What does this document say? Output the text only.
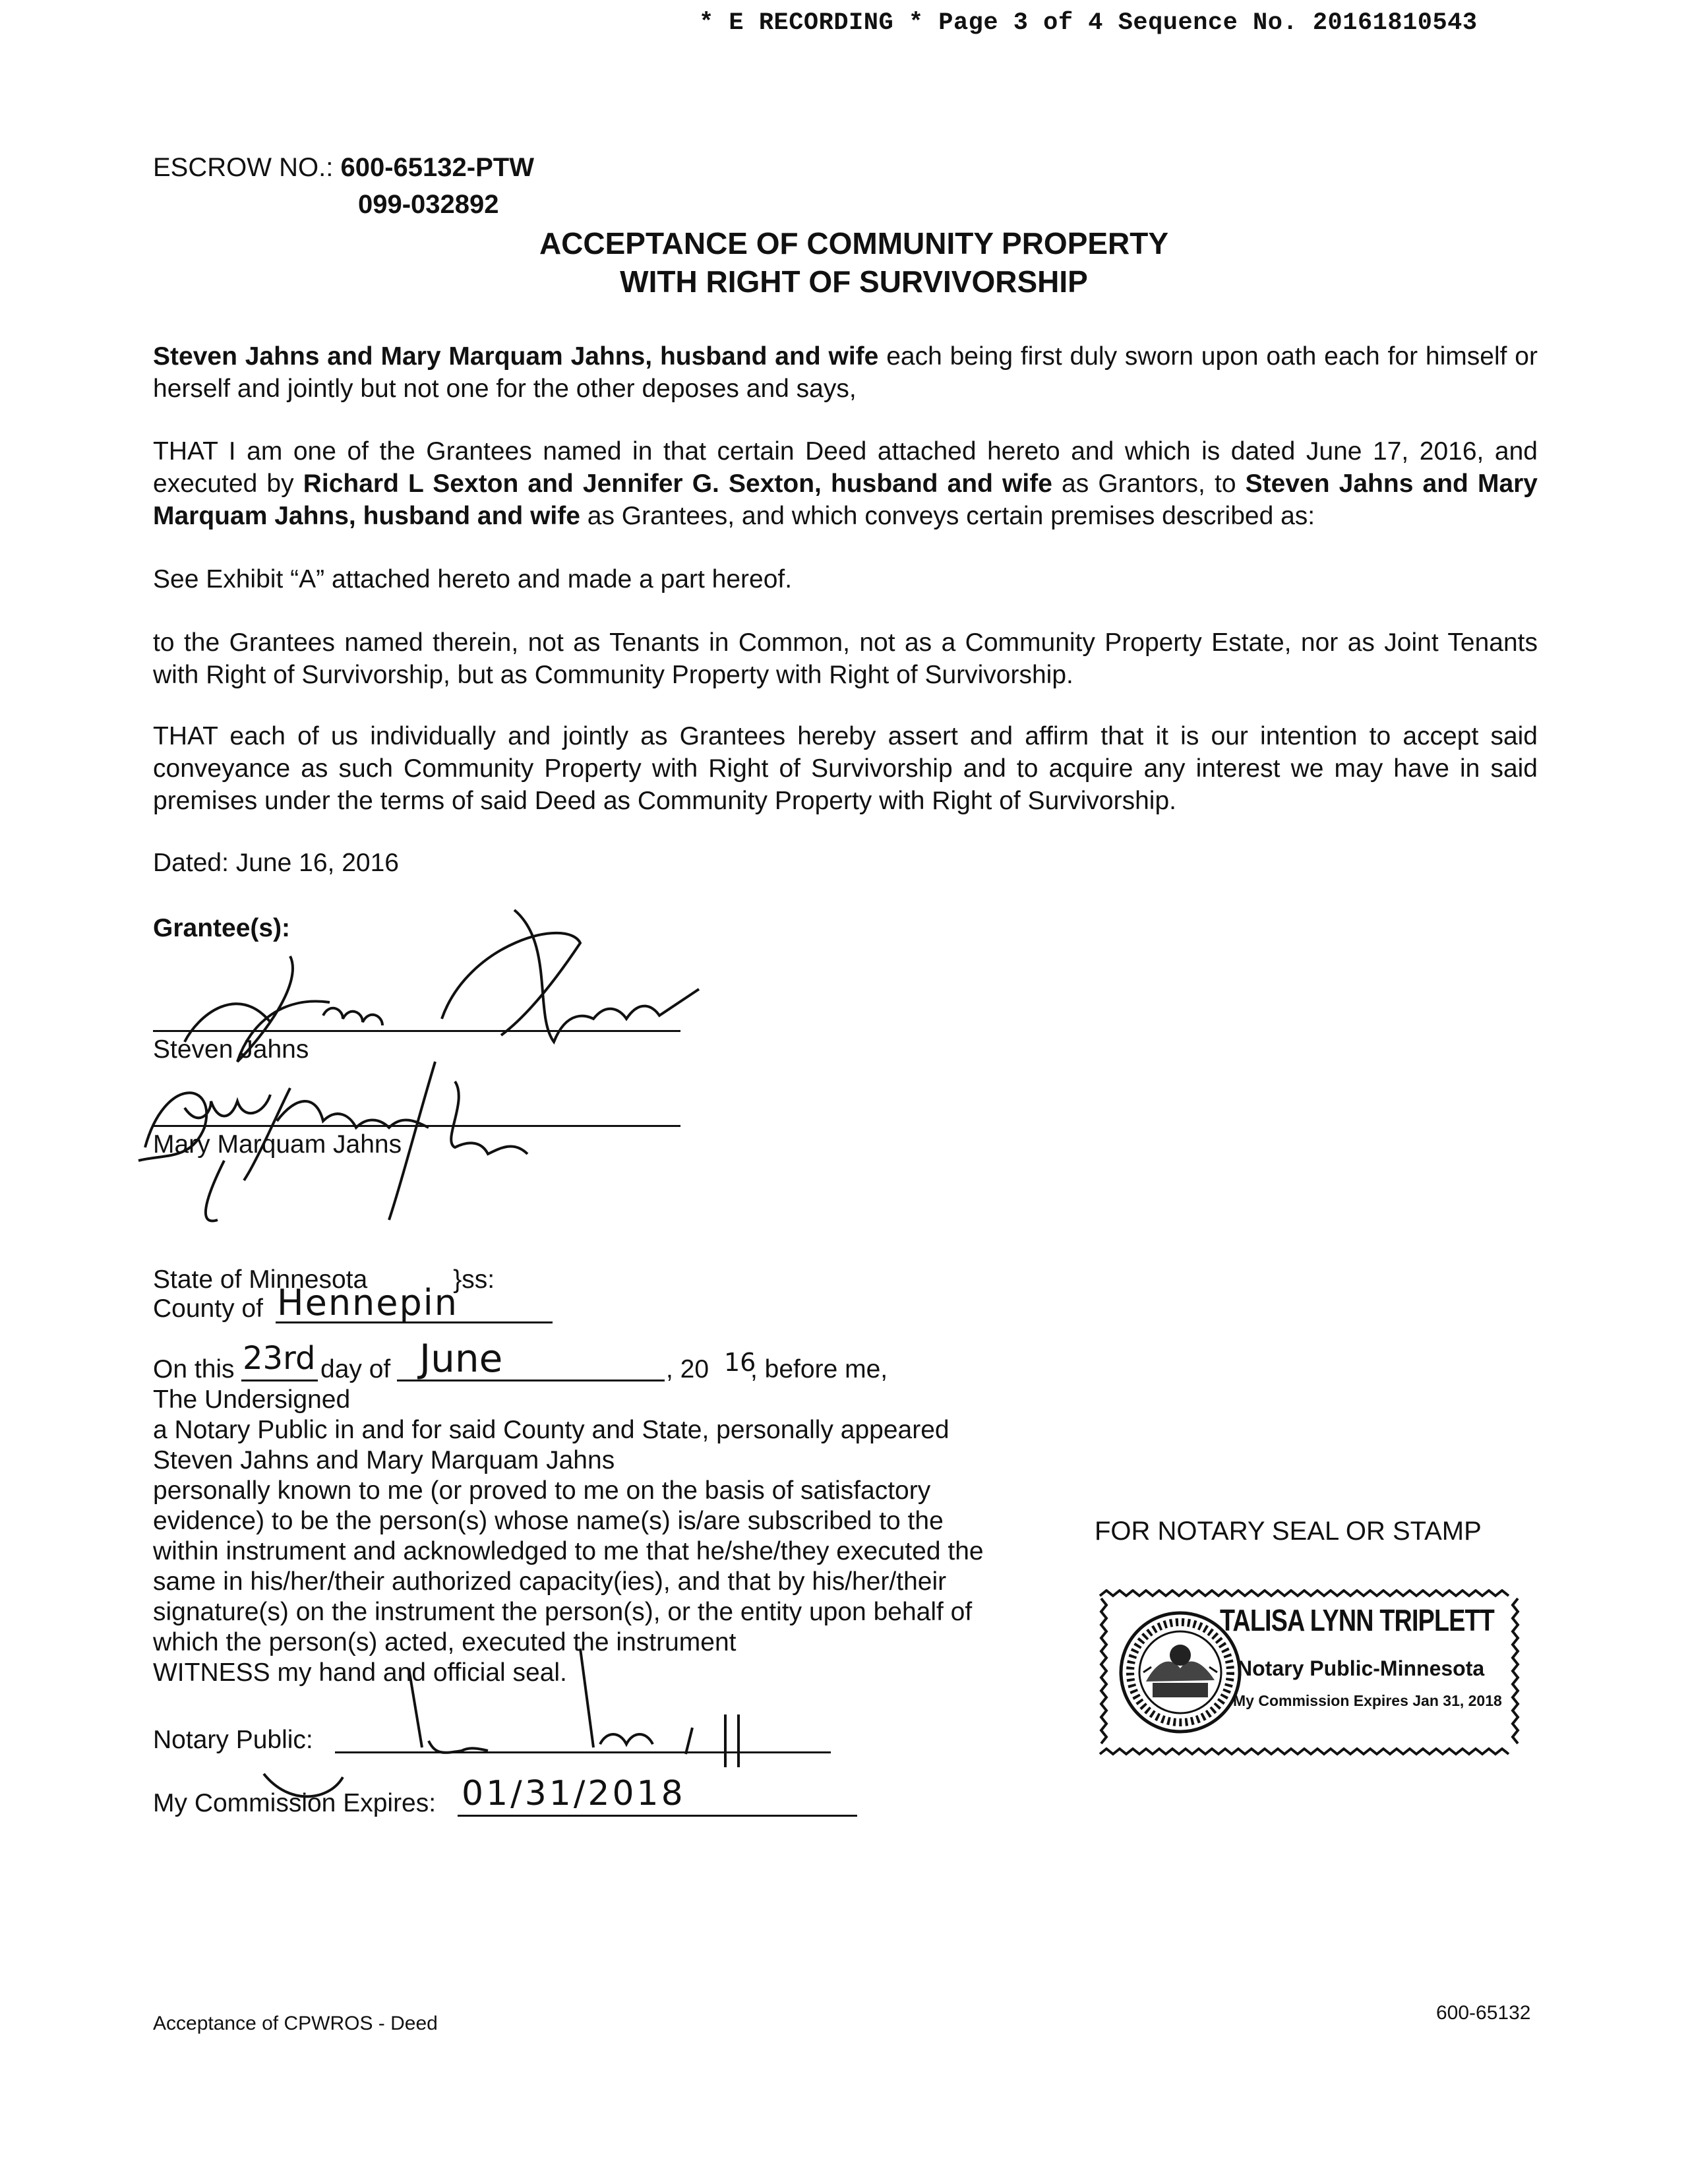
* E RECORDING * Page 3 of 4 Sequence No. 20161810543
ESCROW NO.: 600-65132-PTW
099-032892
ACCEPTANCE OF COMMUNITY PROPERTY
WITH RIGHT OF SURVIVORSHIP
Steven Jahns and Mary Marquam Jahns, husband and wife each being first duly sworn upon oath each for himself or herself and jointly but not one for the other deposes and says,
THAT I am one of the Grantees named in that certain Deed attached hereto and which is dated June 17, 2016, and executed by Richard L Sexton and Jennifer G. Sexton, husband and wife as Grantors, to Steven Jahns and Mary Marquam Jahns, husband and wife as Grantees, and which conveys certain premises described as:
See Exhibit “A” attached hereto and made a part hereof.
to the Grantees named therein, not as Tenants in Common, not as a Community Property Estate, nor as Joint Tenants with Right of Survivorship, but as Community Property with Right of Survivorship.
THAT each of us individually and jointly as Grantees hereby assert and affirm that it is our intention to accept said conveyance as such Community Property with Right of Survivorship and to acquire any interest we may have in said premises under the terms of said Deed as Community Property with Right of Survivorship.
Dated: June 16, 2016
Grantee(s):
Steven Jahns
Mary Marquam Jahns
State of Minnesota	}ss:
County of Hennepin
On this 23rd day of June	, 20 16
, before me,
The Undersigned
a Notary Public in and for said County and State, personally appeared
Steven Jahns and Mary Marquam Jahns
personally known to me (or proved to me on the basis of satisfactory
evidence) to be the person(s) whose name(s) is/are subscribed to the
within instrument and acknowledged to me that he/she/they executed the
same in his/her/their authorized capacity(ies), and that by his/her/their
signature(s) on the instrument the person(s), or the entity upon behalf of
which the person(s) acted, executed the instrument
WITNESS my hand and official seal.
Notary Public:
My Commission Expires: 01/31/2018
FOR NOTARY SEAL OR STAMP
TALISA LYNN TRIPLETT
Notary Public-Minnesota
My Commission Expires Jan 31, 2018
Acceptance of CPWROS - Deed	600-65132
